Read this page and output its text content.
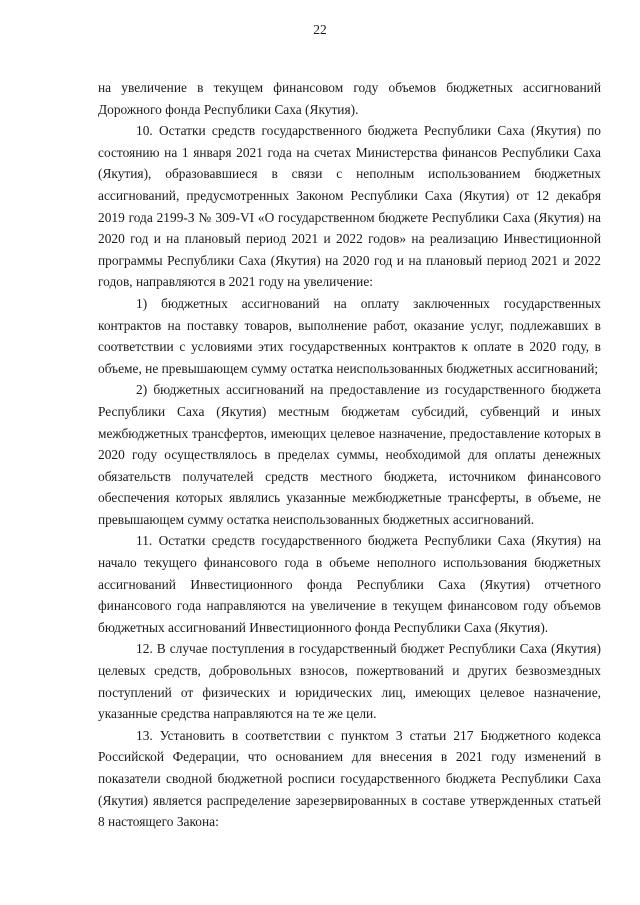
22

на увеличение в текущем финансовом году объемов бюджетных ассигнований Дорожного фонда Республики Саха (Якутия).

10. Остатки средств государственного бюджета Республики Саха (Якутия) по состоянию на 1 января 2021 года на счетах Министерства финансов Республики Саха (Якутия), образовавшиеся в связи с неполным использованием бюджетных ассигнований, предусмотренных Законом Республики Саха (Якутия) от 12 декабря 2019 года 2199-З № 309-VI «О государственном бюджете Республики Саха (Якутия) на 2020 год и на плановый период 2021 и 2022 годов» на реализацию Инвестиционной программы Республики Саха (Якутия) на 2020 год и на плановый период 2021 и 2022 годов, направляются в 2021 году на увеличение:

1) бюджетных ассигнований на оплату заключенных государственных контрактов на поставку товаров, выполнение работ, оказание услуг, подлежавших в соответствии с условиями этих государственных контрактов к оплате в 2020 году, в объеме, не превышающем сумму остатка неиспользованных бюджетных ассигнований;

2) бюджетных ассигнований на предоставление из государственного бюджета Республики Саха (Якутия) местным бюджетам субсидий, субвенций и иных межбюджетных трансфертов, имеющих целевое назначение, предоставление которых в 2020 году осуществлялось в пределах суммы, необходимой для оплаты денежных обязательств получателей средств местного бюджета, источником финансового обеспечения которых являлись указанные межбюджетные трансферты, в объеме, не превышающем сумму остатка неиспользованных бюджетных ассигнований.

11. Остатки средств государственного бюджета Республики Саха (Якутия) на начало текущего финансового года в объеме неполного использования бюджетных ассигнований Инвестиционного фонда Республики Саха (Якутия) отчетного финансового года направляются на увеличение в текущем финансовом году объемов бюджетных ассигнований Инвестиционного фонда Республики Саха (Якутия).

12. В случае поступления в государственный бюджет Республики Саха (Якутия) целевых средств, добровольных взносов, пожертвований и других безвозмездных поступлений от физических и юридических лиц, имеющих целевое назначение, указанные средства направляются на те же цели.

13. Установить в соответствии с пунктом 3 статьи 217 Бюджетного кодекса Российской Федерации, что основанием для внесения в 2021 году изменений в показатели сводной бюджетной росписи государственного бюджета Республики Саха (Якутия) является распределение зарезервированных в составе утвержденных статьей 8 настоящего Закона:
